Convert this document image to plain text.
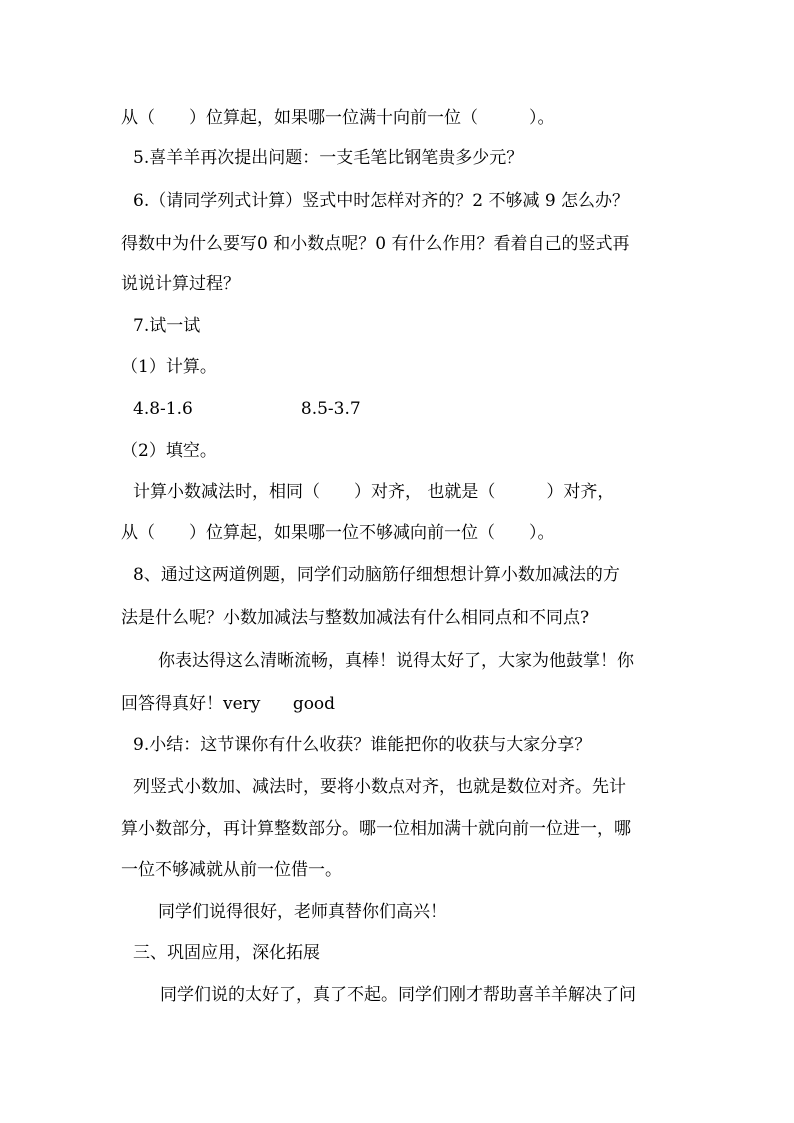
从（　　）位算起，如果哪一位满十向前一位（　　　）。
5.喜羊羊再次提出问题：一支毛笔比钢笔贵多少元？
6.（请同学列式计算）竖式中时怎样对齐的？2 不够减 9 怎么办？
得数中为什么要写0 和小数点呢？0 有什么作用？看着自己的竖式再
说说计算过程？
7.试一试
（1）计算。
4.8-1.6                    8.5-3.7
（2）填空。
计算小数减法时，相同（　　）对齐， 也就是（　　　）对齐，
从（　　）位算起，如果哪一位不够减向前一位（　　）。
8、通过这两道例题，同学们动脑筋仔细想想计算小数加减法的方
法是什么呢？小数加减法与整数加减法有什么相同点和不同点?
你表达得这么清晰流畅，真棒！说得太好了，大家为他鼓掌！你
回答得真好！very      good
9.小结：这节课你有什么收获？谁能把你的收获与大家分享？
列竖式小数加、减法时，要将小数点对齐，也就是数位对齐。先计
算小数部分，再计算整数部分。哪一位相加满十就向前一位进一，哪
一位不够减就从前一位借一。
同学们说得很好，老师真替你们高兴！
三、巩固应用，深化拓展
同学们说的太好了，真了不起。同学们刚才帮助喜羊羊解决了问
